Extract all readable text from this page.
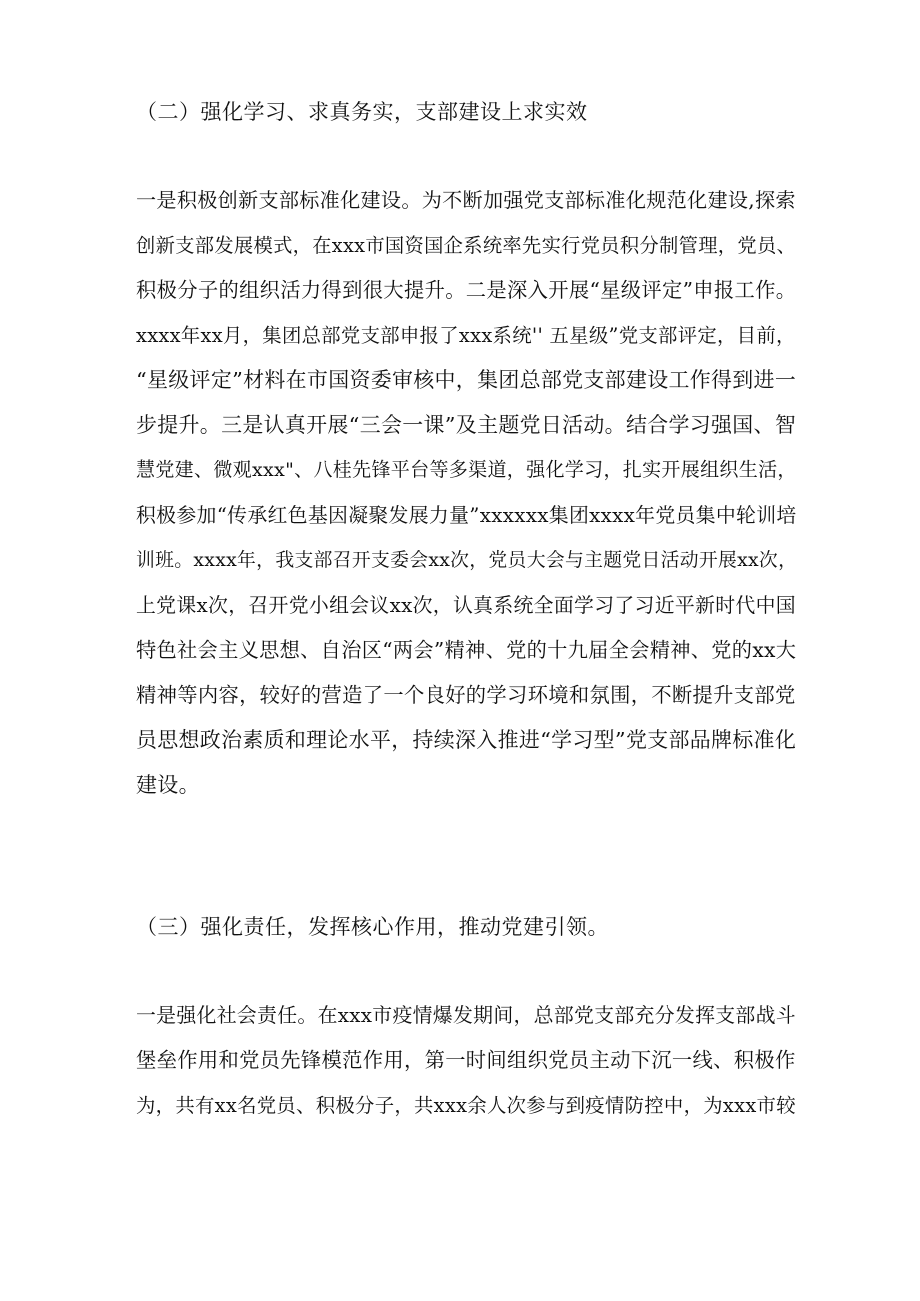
（二）强化学习、求真务实，支部建设上求实效
一是积极创新支部标准化建设。为不断加强党支部标准化规范化建设,探索
创新支部发展模式，在xxx市国资国企系统率先实行党员积分制管理，党员、
积极分子的组织活力得到很大提升。二是深入开展“星级评定”申报工作。
xxxx年xx月，集团总部党支部申报了xxx系统'' 五星级”党支部评定，目前，
“星级评定”材料在市国资委审核中，集团总部党支部建设工作得到进一
步提升。三是认真开展“三会一课”及主题党日活动。结合学习强国、智
慧党建、微观xxx"、八桂先锋平台等多渠道，强化学习，扎实开展组织生活，
积极参加“传承红色基因凝聚发展力量”xxxxxx集团xxxx年党员集中轮训培
训班。xxxx年，我支部召开支委会xx次，党员大会与主题党日活动开展xx次，
上党课x次，召开党小组会议xx次，认真系统全面学习了习近平新时代中国
特色社会主义思想、自治区“两会”精神、党的十九届全会精神、党的xx大
精神等内容，较好的营造了一个良好的学习环境和氛围，不断提升支部党
员思想政治素质和理论水平，持续深入推进“学习型”党支部品牌标准化
建设。
（三）强化责任，发挥核心作用，推动党建引领。
一是强化社会责任。在xxx市疫情爆发期间，总部党支部充分发挥支部战斗
堡垒作用和党员先锋模范作用，第一时间组织党员主动下沉一线、积极作
为，共有xx名党员、积极分子，共xxx余人次参与到疫情防控中，为xxx市较
